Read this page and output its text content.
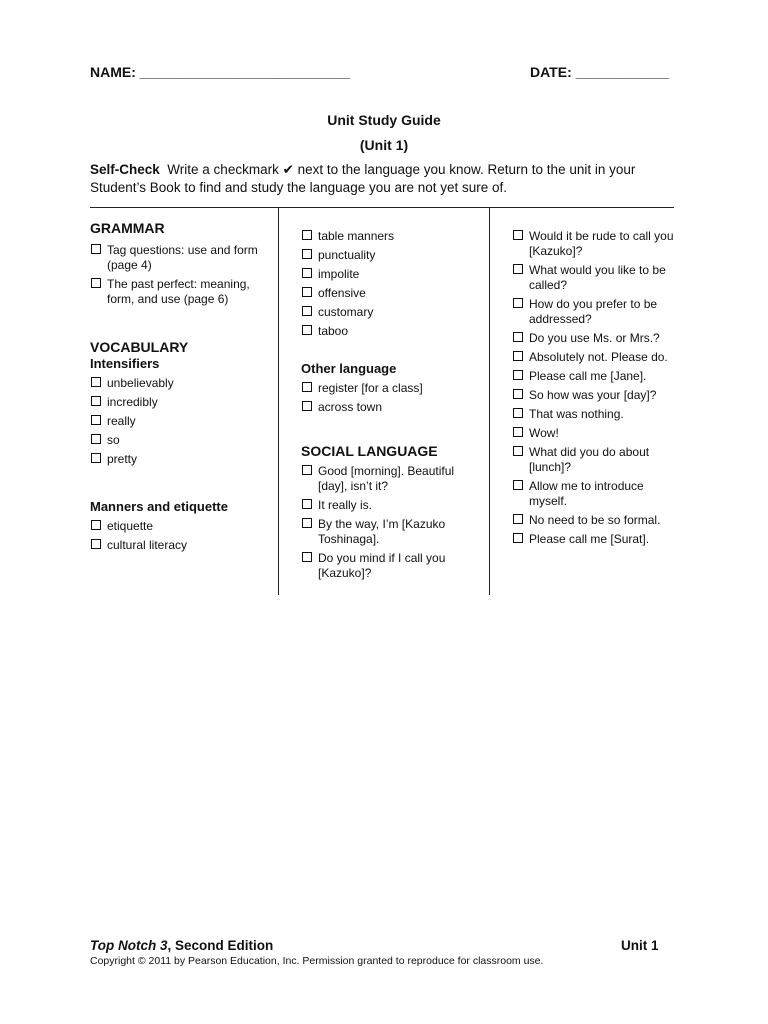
NAME: ___________________________	DATE: ____________
Unit Study Guide
(Unit 1)
Self-Check Write a checkmark ✔ next to the language you know. Return to the unit in your Student’s Book to find and study the language you are not yet sure of.
GRAMMAR
Tag questions: use and form (page 4)
The past perfect: meaning, form, and use (page 6)
VOCABULARY
Intensifiers
unbelievably
incredibly
really
so
pretty
Manners and etiquette
etiquette
cultural literacy
table manners
punctuality
impolite
offensive
customary
taboo
Other language
register [for a class]
across town
SOCIAL LANGUAGE
Good [morning]. Beautiful [day], isn’t it?
It really is.
By the way, I’m [Kazuko Toshinaga].
Do you mind if I call you [Kazuko]?
Would it be rude to call you [Kazuko]?
What would you like to be called?
How do you prefer to be addressed?
Do you use Ms. or Mrs.?
Absolutely not. Please do.
Please call me [Jane].
So how was your [day]?
That was nothing.
Wow!
What did you do about [lunch]?
Allow me to introduce myself.
No need to be so formal.
Please call me [Surat].
Top Notch 3, Second Edition	Unit 1
Copyright © 2011 by Pearson Education, Inc. Permission granted to reproduce for classroom use.
